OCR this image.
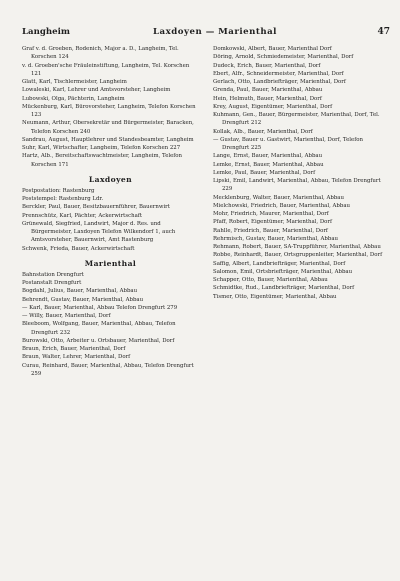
Langheim	Laxdoyen — Marienthal	47
Graf v. d. Groeben, Rodenich, Major a. D., Langheim, Tel. Korschen 124
v. d. Groeben'sche Fräuleinstiftung, Langheim, Tel. Korschen 121
Glatt, Karl, Tischlermeister, Langheim
Lowaleski, Karl, Lehrer und Amtsvorsteher, Langheim
Lubowski, Olga, Pächterin, Langheim
Mückenburg, Karl, Bürovorsteher, Langheim, Telefon Korschen 123
Neumann, Arthur, Obersekretär und Bürgermeister, Baracken, Telefon Korschen 240
Sandrau, August, Hauptlehrer und Standesbeamter, Langheim
Suhr, Karl, Wirtschafter, Langheim, Telefon Korschen 227
Hartz, Alb., Bereitschaftswachtmeister, Langheim, Telefon Korschen 171
Laxdoyen
Postpostation: Rastenburg
Poststempel: Rastenburg Ldr.
Berckler, Paul, Bauer, Besitzbauernführer, Bauernwirt
Prennschütz, Karl, Pächter, Ackerwirtschaft
Grünewald, Siegfried, Landwirt, Major d. Res. und Bürgermeister, Laxdoyen Telefon Wilkendorf 1, auch Amtsvorsteher, Bauernwirt, Amt Rastenburg
Schwenk, Frieda, Bauer, Ackerwirtschaft
Marienthal
Bahnstation Drengfurt
Postanstalt Drengfurt
Bogdahl, Julius, Bauer, Marienthal, Abbau
Behrendt, Gustav, Bauer, Marienthal, Abbau
— Karl, Bauer, Marienthal, Abbau Telefon Drengfurt 279
— Willy, Bauer, Marienthal, Dorf
Bleeboom, Wolfgang, Bauer, Marienthal, Abbau, Telefon Drengfurt 232
Burowski, Otto, Arbeiter u. Ortsbauer, Marienthal, Dorf
Braun, Erich, Bauer, Marienthal, Dorf
Braun, Walter, Lehrer, Marienthal, Dorf
Curau, Reinhard, Bauer, Marienthal, Abbau, Telefon Drengfurt 259
Domkowski, Albert, Bauer, Marienthal Dorf
Döring, Arnold, Schmiedemeister, Marienthal, Dorf
Dudeck, Erich, Bauer, Marienthal, Dorf
Ebert, Alfr., Schneidermeister, Marienthal, Dorf
Gerlach, Otto, Landbriefträger, Marienthal, Dorf
Grenda, Paul, Bauer, Marienthal, Abbau
Hein, Helmuth, Bauer, Marienthal, Dorf
Krey, August, Eigentümer, Marienthal, Dorf
Kuhmann, Gen., Bauer, Bürgermeister, Marienthal, Dorf, Tel. Drengfurt 212
Kollak, Alb., Bauer, Marienthal, Dorf
— Gustav, Bauer u. Gastwirt, Marienthal, Dorf, Telefon Drengfurt 225
Lange, Ernst, Bauer, Marienthal, Abbau
Lemke, Ernst, Bauer, Marienthal, Abbau
Lemke, Paul, Bauer, Marienthal, Dorf
Lipski, Emil, Landwirt, Marienthal, Abbau, Telefon Drengfurt 229
Mecklenburg, Walter, Bauer, Marienthal, Abbau
Mielchowski, Friedrich, Bauer, Marienthal, Abbau
Mohr, Friedrich, Maurer, Marienthal, Dorf
Pfaff, Robert, Eigentümer, Marienthal, Dorf
Rahlle, Friedrich, Bauer, Marienthal, Dorf
Rehrmisch, Gustav, Bauer, Marienthal, Abbau
Rehmann, Robert, Bauer, SA-Truppführer, Marienthal, Abbau
Robbe, Reinhardt, Bauer, Ortsgruppenleiter, Marienthal, Dorf
Saffig, Albert, Landbriefträger, Marienthal, Dorf
Salomon, Emil, Ortsbriefträger, Marienthal, Abbau
Schapper, Otto, Bauer, Marienthal, Abbau
Schmidtke, Rud., Landbriefträger, Marienthal, Dorf
Tismer, Otto, Eigentümer, Marienthal, Abbau
